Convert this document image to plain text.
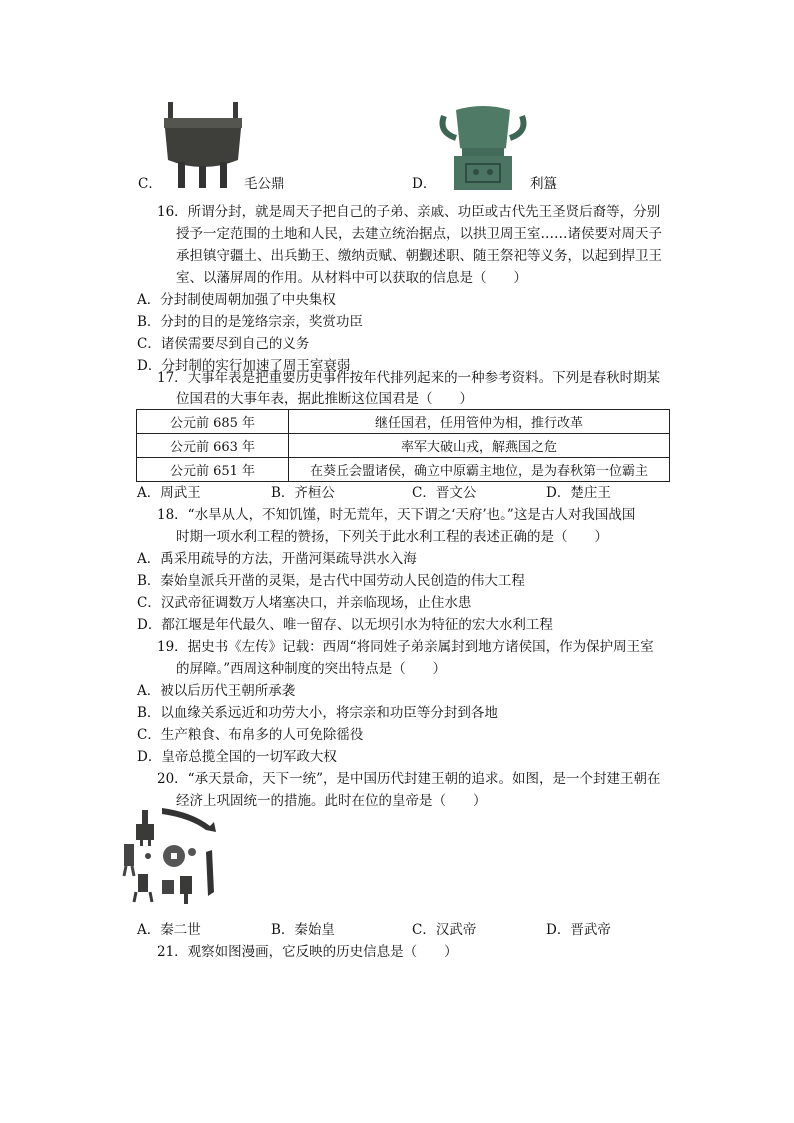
C．	毛公鼎	D．	利簋
16．所谓分封，就是周天子把自己的子弟、亲戚、功臣或古代先王圣贤后裔等，分别
授予一定范围的土地和人民，去建立统治据点，以拱卫周王室……诸侯要对周天子
承担镇守疆土、出兵勤王、缴纳贡赋、朝觐述职、随王祭祀等义务，以起到捍卫王
室、以藩屏周的作用。从材料中可以获取的信息是（　　）
A．分封制使周朝加强了中央集权
B．分封的目的是笼络宗亲，奖赏功臣
C．诸侯需要尽到自己的义务
D．分封制的实行加速了周王室衰弱
17．大事年表是把重要历史事件按年代排列起来的一种参考资料。下列是春秋时期某
位国君的大事年表，据此推断这位国君是（　　）
公元前 685 年	继任国君，任用管仲为相，推行改革
公元前 663 年	率军大破山戎，解燕国之危
公元前 651 年	在葵丘会盟诸侯，确立中原霸主地位，是为春秋第一位霸主
A．周武王	B．齐桓公	C．晋文公	D．楚庄王
18．“水旱从人，不知饥馑，时无荒年，天下谓之‘天府’也。”这是古人对我国战国
时期一项水利工程的赞扬，下列关于此水利工程的表述正确的是（　　）
A．禹采用疏导的方法，开凿河渠疏导洪水入海
B．秦始皇派兵开凿的灵渠，是古代中国劳动人民创造的伟大工程
C．汉武帝征调数万人堵塞决口，并亲临现场，止住水患
D．都江堰是年代最久、唯一留存、以无坝引水为特征的宏大水利工程
19．据史书《左传》记载：西周“将同姓子弟亲属封到地方诸侯国，作为保护周王室
的屏障。”西周这种制度的突出特点是（　　）
A．被以后历代王朝所承袭
B．以血缘关系远近和功劳大小，将宗亲和功臣等分封到各地
C．生产粮食、布帛多的人可免除徭役
D．皇帝总揽全国的一切军政大权
20．“承天景命，天下一统”，是中国历代封建王朝的追求。如图，是一个封建王朝在
经济上巩固统一的措施。此时在位的皇帝是（　　）
A．秦二世	B．秦始皇	C．汉武帝	D．晋武帝
21．观察如图漫画，它反映的历史信息是（　　）
